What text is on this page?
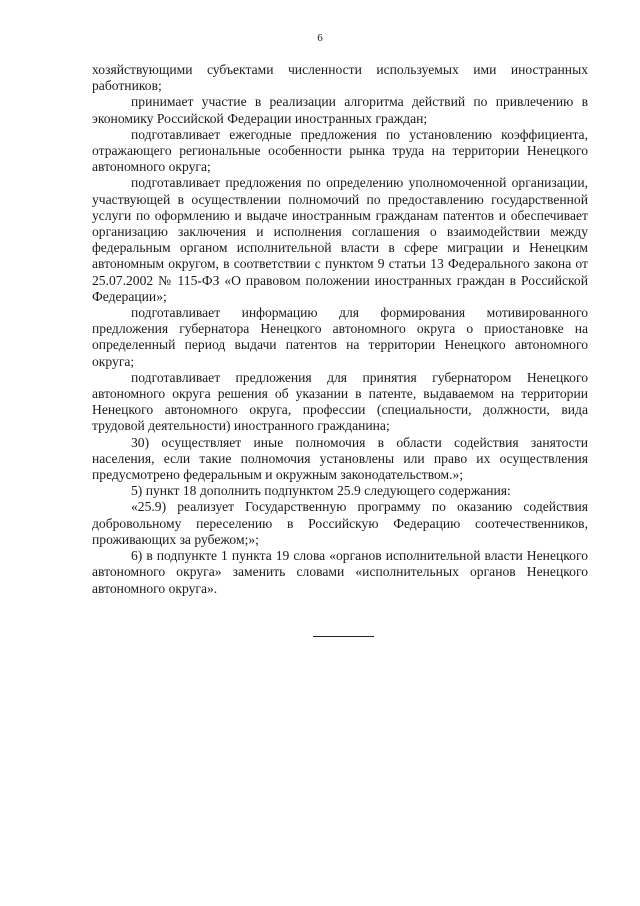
6

хозяйствующими субъектами численности используемых ими иностранных работников;

принимает участие в реализации алгоритма действий по привлечению в экономику Российской Федерации иностранных граждан;

подготавливает ежегодные предложения по установлению коэффициента, отражающего региональные особенности рынка труда на территории Ненецкого автономного округа;

подготавливает предложения по определению уполномоченной организации, участвующей в осуществлении полномочий по предоставлению государственной услуги по оформлению и выдаче иностранным гражданам патентов и обеспечивает организацию заключения и исполнения соглашения о взаимодействии между федеральным органом исполнительной власти в сфере миграции и Ненецким автономным округом, в соответствии с пунктом 9 статьи 13 Федерального закона от 25.07.2002 № 115-ФЗ «О правовом положении иностранных граждан в Российской Федерации»;

подготавливает информацию для формирования мотивированного предложения губернатора Ненецкого автономного округа о приостановке на определенный период выдачи патентов на территории Ненецкого автономного округа;

подготавливает предложения для принятия губернатором Ненецкого автономного округа решения об указании в патенте, выдаваемом на территории Ненецкого автономного округа, профессии (специальности, должности, вида трудовой деятельности) иностранного гражданина;

30) осуществляет иные полномочия в области содействия занятости населения, если такие полномочия установлены или право их осуществления предусмотрено федеральным и окружным законодательством.»;

5) пункт 18 дополнить подпунктом 25.9 следующего содержания:

«25.9) реализует Государственную программу по оказанию содействия добровольному переселению в Российскую Федерацию соотечественников, проживающих за рубежом;»;

6) в подпункте 1 пункта 19 слова «органов исполнительной власти Ненецкого автономного округа» заменить словами «исполнительных органов Ненецкого автономного округа».
